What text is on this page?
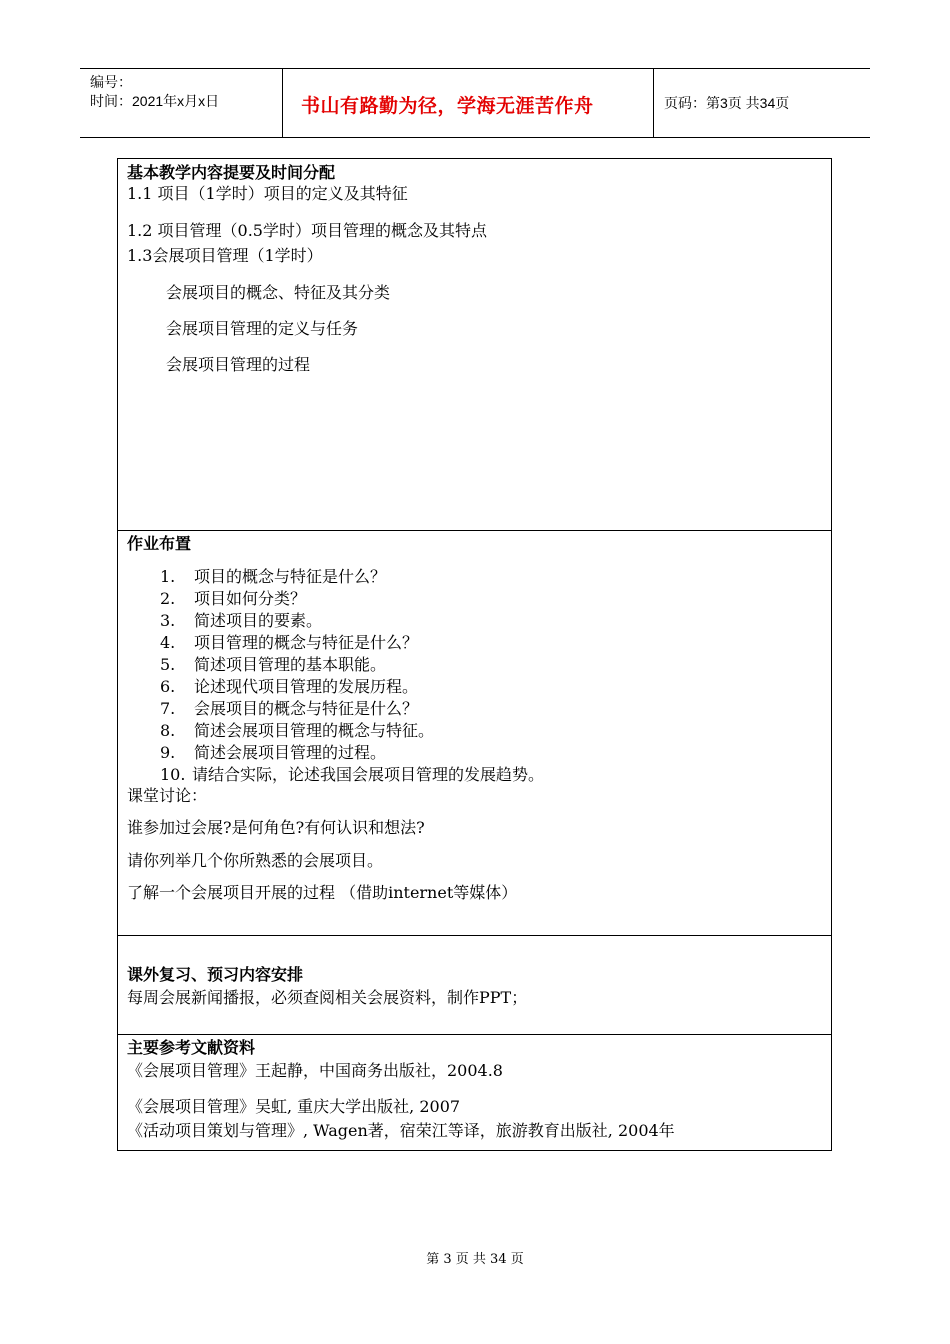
编号：
时间：2021年x月x日	书山有路勤为径，学海无涯苦作舟	页码：第3页 共34页
基本教学内容提要及时间分配
1.1 项目（1学时）项目的定义及其特征
1.2 项目管理（0.5学时）项目管理的概念及其特点
1.3会展项目管理（1学时）
会展项目的概念、特征及其分类
会展项目管理的定义与任务
会展项目管理的过程
作业布置
1. 项目的概念与特征是什么？
2. 项目如何分类？
3. 简述项目的要素。
4. 项目管理的概念与特征是什么？
5. 简述项目管理的基本职能。
6. 论述现代项目管理的发展历程。
7. 会展项目的概念与特征是什么？
8. 简述会展项目管理的概念与特征。
9. 简述会展项目管理的过程。
10. 请结合实际，论述我国会展项目管理的发展趋势。
课堂讨论：
谁参加过会展?是何角色?有何认识和想法?
请你列举几个你所熟悉的会展项目。
了解一个会展项目开展的过程 （借助internet等媒体）
课外复习、预习内容安排
每周会展新闻播报，必须查阅相关会展资料，制作PPT；
主要参考文献资料
《会展项目管理》王起静，中国商务出版社，2004.8
《会展项目管理》吴虹, 重庆大学出版社, 2007
《活动项目策划与管理》, Wagen著，宿荣江等译，旅游教育出版社, 2004年
第 3 页 共 34 页
